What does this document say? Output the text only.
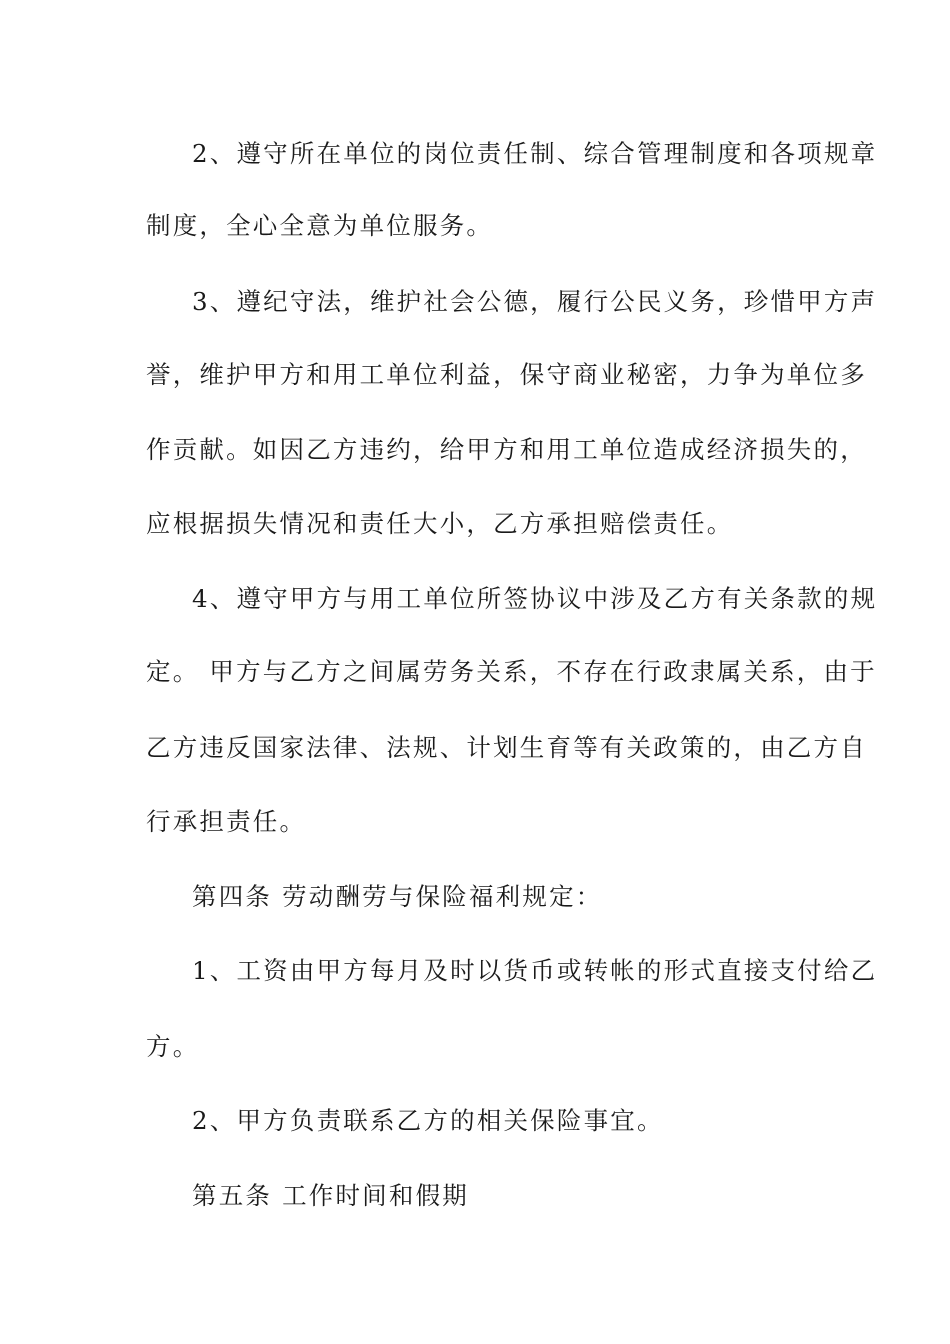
2、遵守所在单位的岗位责任制、综合管理制度和各项规章
制度，全心全意为单位服务。
3、遵纪守法，维护社会公德，履行公民义务，珍惜甲方声
誉，维护甲方和用工单位利益，保守商业秘密，力争为单位多
作贡献。如因乙方违约，给甲方和用工单位造成经济损失的，
应根据损失情况和责任大小，乙方承担赔偿责任。
4、遵守甲方与用工单位所签协议中涉及乙方有关条款的规
定。 甲方与乙方之间属劳务关系，不存在行政隶属关系，由于
乙方违反国家法律、法规、计划生育等有关政策的，由乙方自
行承担责任。
第四条 劳动酬劳与保险福利规定：
1、工资由甲方每月及时以货币或转帐的形式直接支付给乙
方。
2、甲方负责联系乙方的相关保险事宜。
第五条 工作时间和假期
